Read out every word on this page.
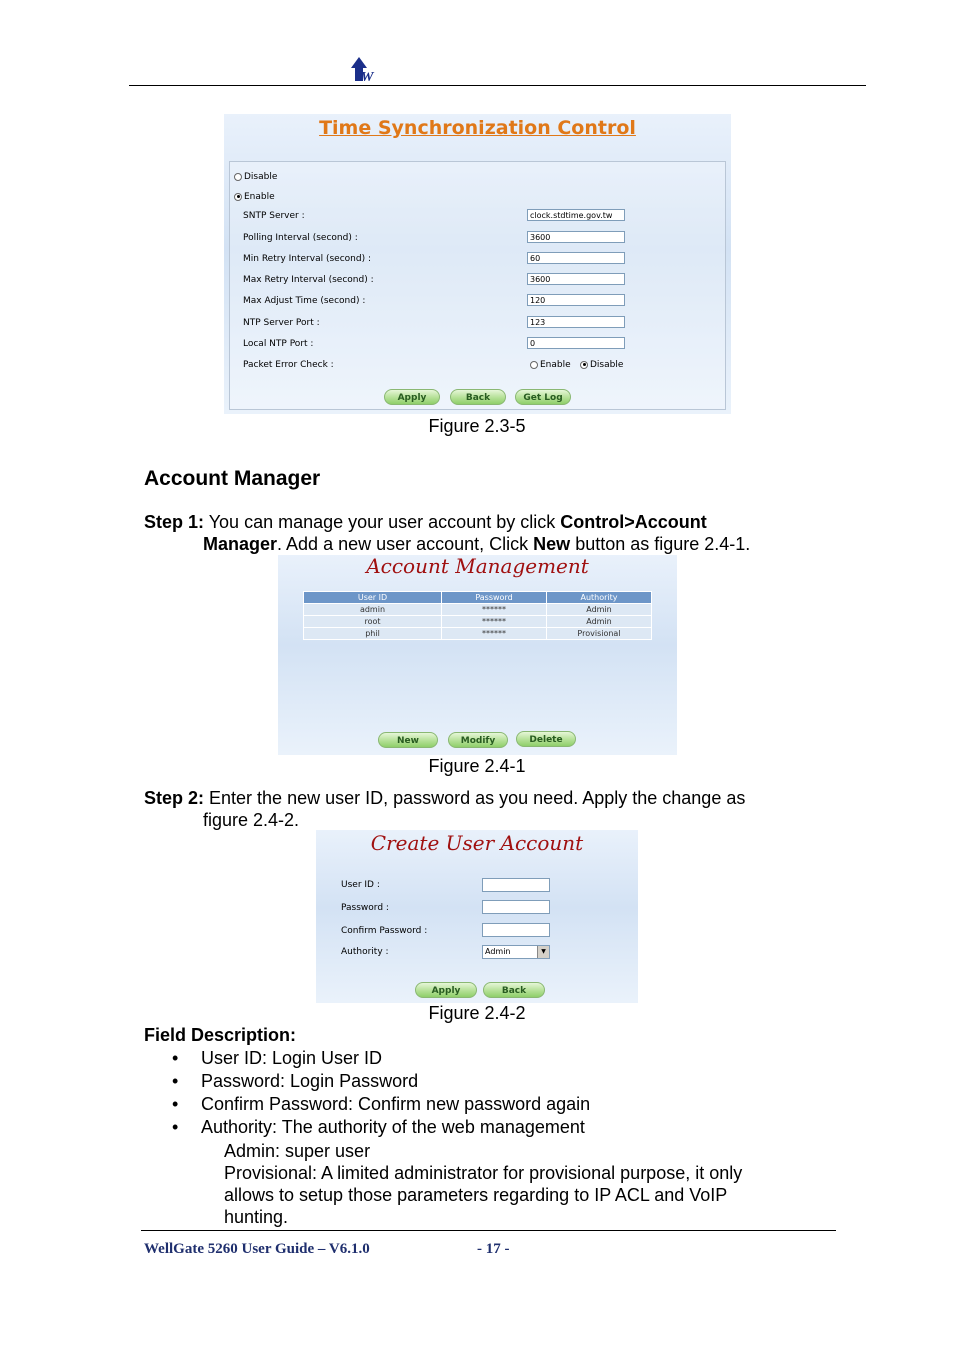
W
Time Synchronization Control
Disable
Enable
SNTP Server :	clock.stdtime.gov.tw
Polling Interval (second) :	3600
Min Retry Interval (second) :	60
Max Retry Interval (second) :	3600
Max Adjust Time (second) :	120
NTP Server Port :	123
Local NTP Port :	0
Packet Error Check :	Enable	Disable
Apply	Back	Get Log
Figure 2.3-5
Account Manager
Step 1: You can manage your user account by click Control>Account
Manager. Add a new user account, Click New button as figure 2.4-1.
Account Management
User ID	Password	Authority
admin	******	Admin
root	******	Admin
phil	******	Provisional
New	Modify	Delete
Figure 2.4-1
Step 2: Enter the new user ID, password as you need. Apply the change as
figure 2.4-2.
Create User Account
User ID :
Password :
Confirm Password :
Authority :	Admin	▼
Apply	Back
Figure 2.4-2
Field Description:
• User ID: Login User ID
• Password: Login Password
• Confirm Password: Confirm new password again
• Authority: The authority of the web management
Admin: super user
Provisional: A limited administrator for provisional purpose, it only
allows to setup those parameters regarding to IP ACL and VoIP
hunting.
WellGate 5260 User Guide – V6.1.0	- 17 -
